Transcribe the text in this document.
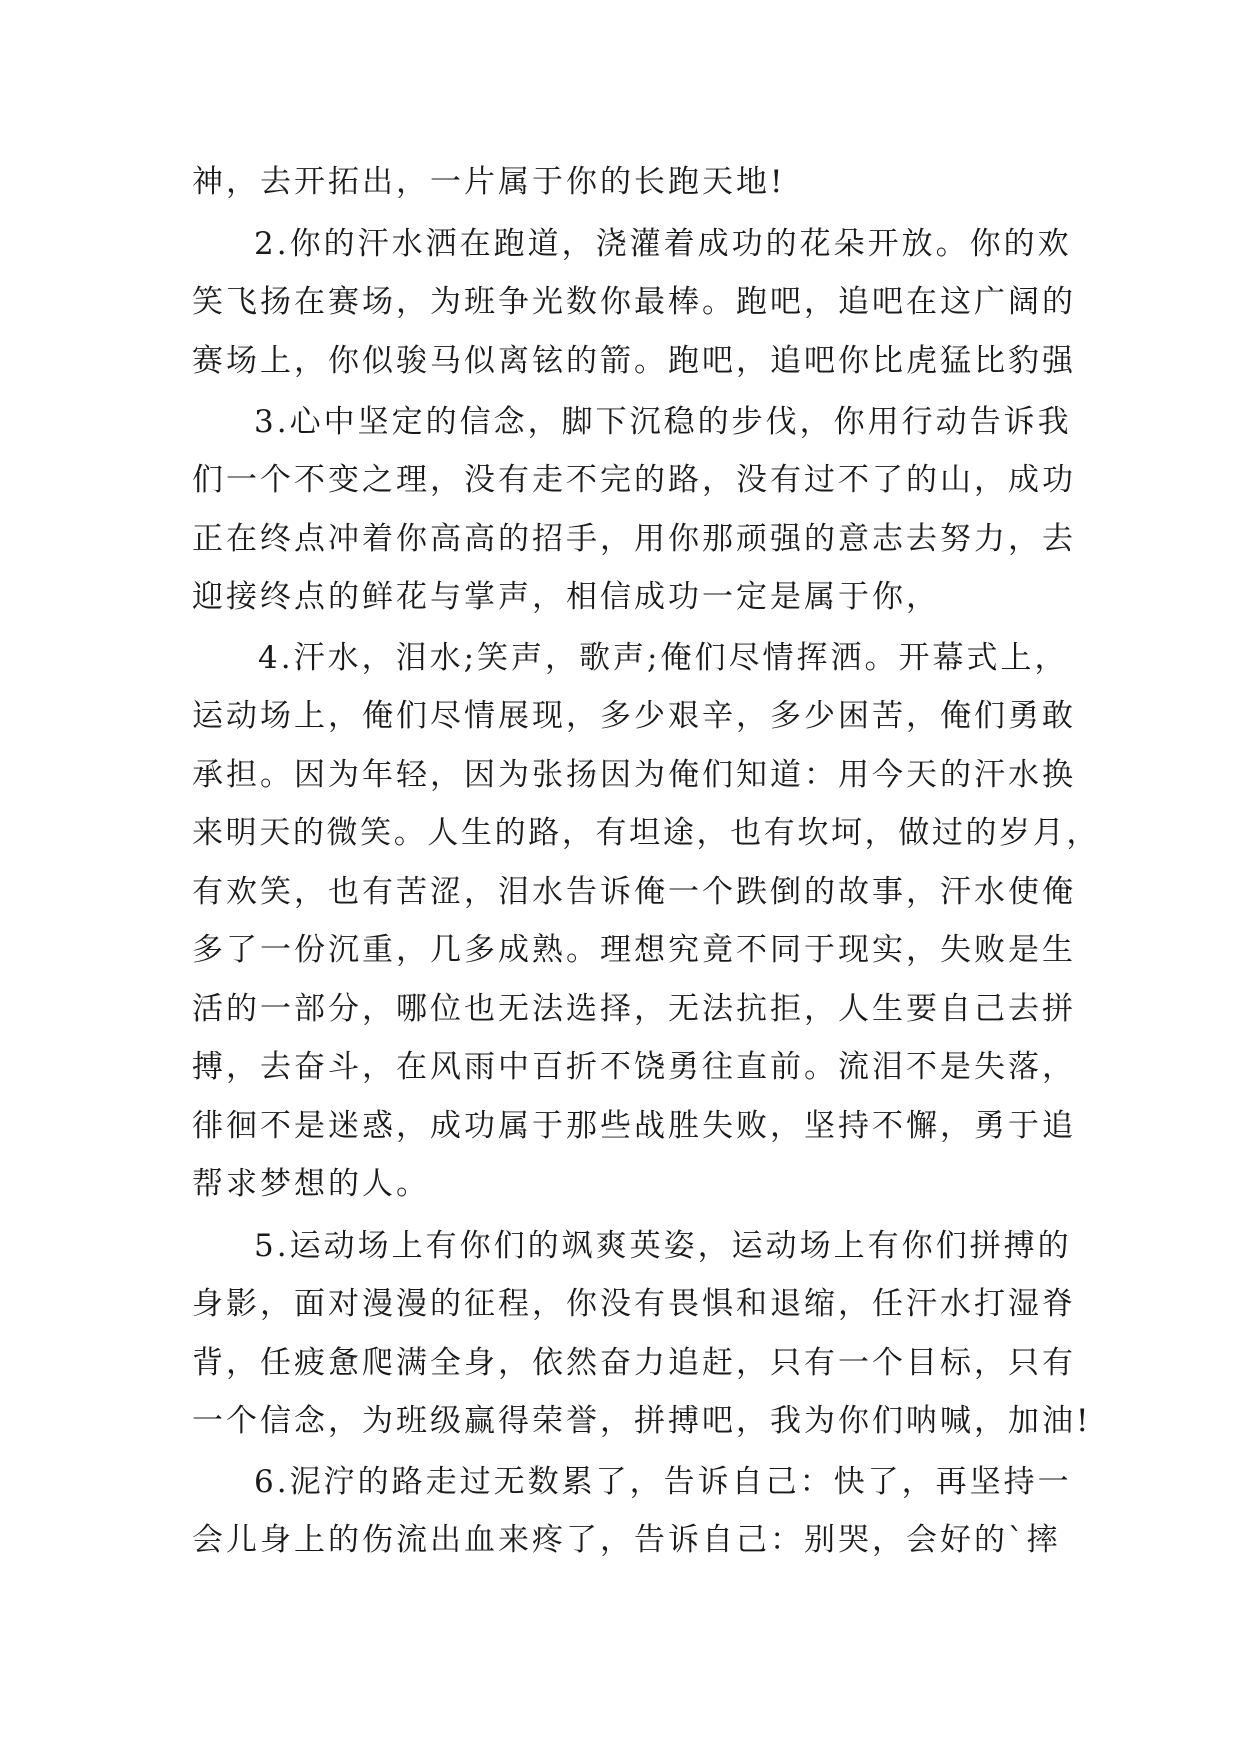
神，去开拓出，一片属于你的长跑天地!
2.你的汗水洒在跑道，浇灌着成功的花朵开放。你的欢
笑飞扬在赛场，为班争光数你最棒。跑吧，追吧在这广阔的
赛场上，你似骏马似离铉的箭。跑吧，追吧你比虎猛比豹强
3.心中坚定的信念，脚下沉稳的步伐，你用行动告诉我
们一个不变之理，没有走不完的路，没有过不了的山，成功
正在终点冲着你高高的招手，用你那顽强的意志去努力，去
迎接终点的鲜花与掌声，相信成功一定是属于你，
4.汗水，泪水;笑声，歌声;俺们尽情挥洒。开幕式上，
运动场上，俺们尽情展现，多少艰辛，多少困苦，俺们勇敢
承担。因为年轻，因为张扬因为俺们知道：用今天的汗水换
来明天的微笑。人生的路，有坦途，也有坎坷，做过的岁月，
有欢笑，也有苦涩，泪水告诉俺一个跌倒的故事，汗水使俺
多了一份沉重，几多成熟。理想究竟不同于现实，失败是生
活的一部分，哪位也无法选择，无法抗拒，人生要自己去拼
搏，去奋斗，在风雨中百折不饶勇往直前。流泪不是失落，
徘徊不是迷惑，成功属于那些战胜失败，坚持不懈，勇于追
帮求梦想的人。
5.运动场上有你们的飒爽英姿，运动场上有你们拼搏的
身影，面对漫漫的征程，你没有畏惧和退缩，任汗水打湿脊
背，任疲惫爬满全身，依然奋力追赶，只有一个目标，只有
一个信念，为班级赢得荣誉，拼搏吧，我为你们呐喊，加油!
6.泥泞的路走过无数累了，告诉自己：快了，再坚持一
会儿身上的伤流出血来疼了，告诉自己：别哭，会好的`摔
